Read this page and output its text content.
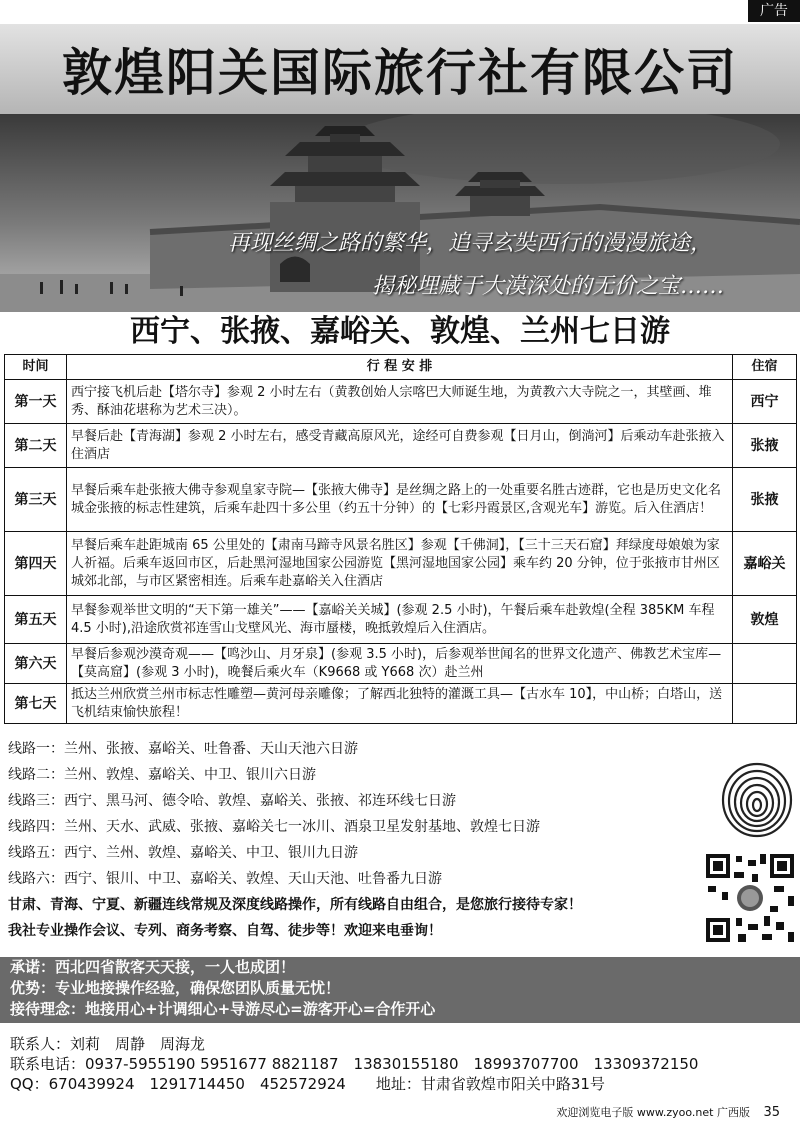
广告
敦煌阳关国际旅行社有限公司
再现丝绸之路的繁华，追寻玄奘西行的漫漫旅途，
揭秘埋藏于大漠深处的无价之宝……
西宁、张掖、嘉峪关、敦煌、兰州七日游
时间	行 程 安 排	住宿
第一天	西宁接飞机后赴【塔尔寺】参观 2 小时左右（黄教创始人宗喀巴大师诞生地，为黄教六大寺院之一，其壁画、堆秀、酥油花堪称为艺术三决）。	西宁
第二天	早餐后赴【青海湖】参观 2 小时左右，感受青藏高原风光，途经可自费参观【日月山，倒淌河】后乘动车赴张掖入住酒店	张掖
第三天	早餐后乘车赴张掖大佛寺参观皇家寺院—【张掖大佛寺】是丝绸之路上的一处重要名胜古迹群，它也是历史文化名城金张掖的标志性建筑，后乘车赴四十多公里（约五十分钟）的【七彩丹霞景区,含观光车】游览。后入住酒店！	张掖
第四天	早餐后乘车赴距城南 65 公里处的【肃南马蹄寺风景名胜区】参观【千佛洞】，【三十三天石窟】拜绿度母娘娘为家人祈福。后乘车返回市区，后赴黑河湿地国家公园游览【黑河湿地国家公园】乘车约 20 分钟，位于张掖市甘州区城郊北部，与市区紧密相连。后乘车赴嘉峪关入住酒店	嘉峪关
第五天	早餐参观举世文明的“天下第一雄关”——【嘉峪关关城】(参观 2.5 小时)，午餐后乘车赴敦煌(全程 385KM 车程 4.5 小时),沿途欣赏祁连雪山戈壁风光、海市蜃楼，晚抵敦煌后入住酒店。	敦煌
第六天	早餐后参观沙漠奇观——【鸣沙山、月牙泉】(参观 3.5 小时)，后参观举世闻名的世界文化遗产、佛教艺术宝库—【莫高窟】(参观 3 小时)，晚餐后乘火车（K9668 或 Y668 次）赴兰州	
第七天	抵达兰州欣赏兰州市标志性雕塑—黄河母亲雕像；了解西北独特的灌溉工具—【古水车 10】，中山桥；白塔山，送飞机结束愉快旅程！	
线路一：兰州、张掖、嘉峪关、吐鲁番、天山天池六日游
线路二：兰州、敦煌、嘉峪关、中卫、银川六日游
线路三：西宁、黑马河、德令哈、敦煌、嘉峪关、张掖、祁连环线七日游
线路四：兰州、天水、武威、张掖、嘉峪关七一冰川、酒泉卫星发射基地、敦煌七日游
线路五：西宁、兰州、敦煌、嘉峪关、中卫、银川九日游
线路六：西宁、银川、中卫、嘉峪关、敦煌、天山天池、吐鲁番九日游
甘肃、青海、宁夏、新疆连线常规及深度线路操作，所有线路自由组合，是您旅行接待专家！
我社专业操作会议、专列、商务考察、自驾、徒步等！欢迎来电垂询！
承诺：西北四省散客天天接，一人也成团！
优势：专业地接操作经验，确保您团队质量无忧！
接待理念：地接用心+计调细心+导游尽心=游客开心=合作开心
联系人：刘莉　周静　周海龙
联系电话：0937-5955190 5951677 8821187　13830155180　18993707700　13309372150
QQ：670439924　1291714450　452572924　　地址：甘肃省敦煌市阳关中路31号
欢迎浏览电子版 www.zyoo.net 广西版 35
